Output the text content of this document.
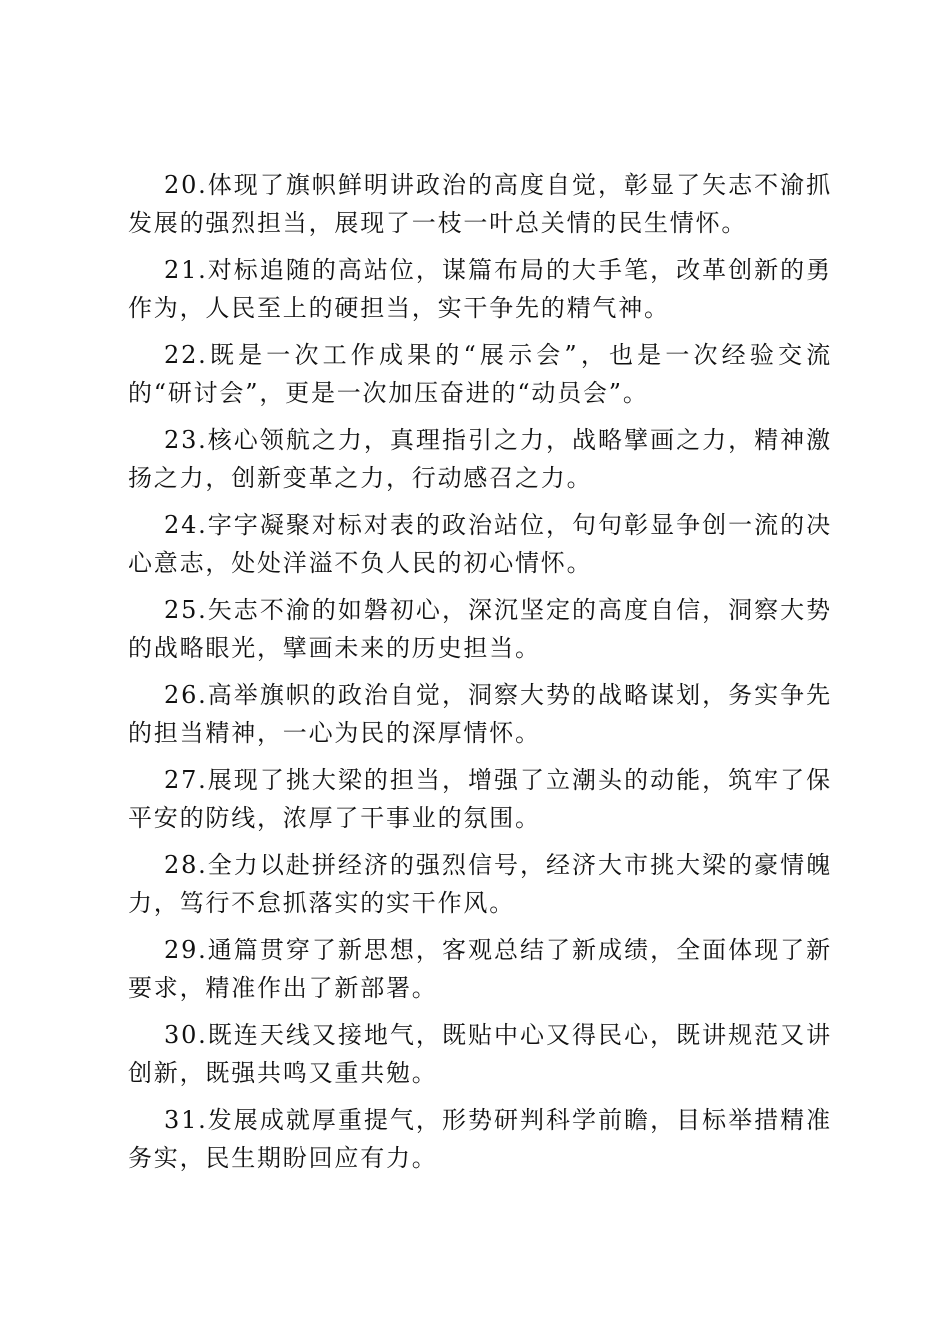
20.体现了旗帜鲜明讲政治的高度自觉，彰显了矢志不渝抓发展的强烈担当，展现了一枝一叶总关情的民生情怀。

21.对标追随的高站位，谋篇布局的大手笔，改革创新的勇作为，人民至上的硬担当，实干争先的精气神。

22.既是一次工作成果的“展示会”，也是一次经验交流的“研讨会”，更是一次加压奋进的“动员会”。

23.核心领航之力，真理指引之力，战略擘画之力，精神激扬之力，创新变革之力，行动感召之力。

24.字字凝聚对标对表的政治站位，句句彰显争创一流的决心意志，处处洋溢不负人民的初心情怀。

25.矢志不渝的如磐初心，深沉坚定的高度自信，洞察大势的战略眼光，擘画未来的历史担当。

26.高举旗帜的政治自觉，洞察大势的战略谋划，务实争先的担当精神，一心为民的深厚情怀。

27.展现了挑大梁的担当，增强了立潮头的动能，筑牢了保平安的防线，浓厚了干事业的氛围。

28.全力以赴拼经济的强烈信号，经济大市挑大梁的豪情魄力，笃行不怠抓落实的实干作风。

29.通篇贯穿了新思想，客观总结了新成绩，全面体现了新要求，精准作出了新部署。

30.既连天线又接地气，既贴中心又得民心，既讲规范又讲创新，既强共鸣又重共勉。

31.发展成就厚重提气，形势研判科学前瞻，目标举措精准务实，民生期盼回应有力。
